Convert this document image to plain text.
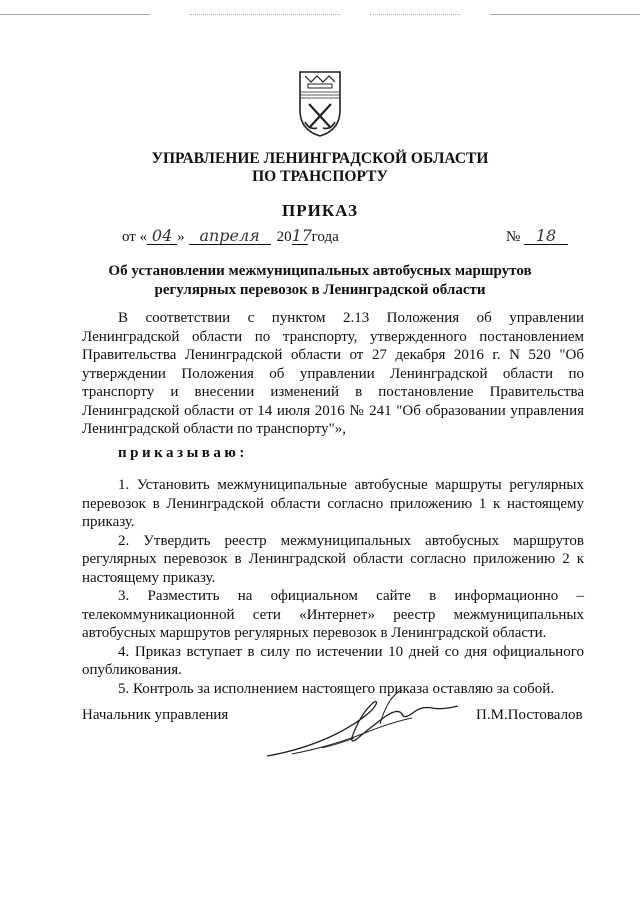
УПРАВЛЕНИЕ ЛЕНИНГРАДСКОЙ ОБЛАСТИ
ПО ТРАНСПОРТУ
ПРИКАЗ
от « 04 » апреля 2017года	№ 18
Об установлении межмуниципальных автобусных маршрутов
регулярных перевозок в Ленинградской области

В соответствии с пунктом 2.13 Положения об управлении Ленинградской области по транспорту, утвержденного постановлением Правительства Ленинградской области от 27 декабря 2016 г. N 520 "Об утверждении Положения об управлении Ленинградской области по транспорту и внесении изменений в постановление Правительства Ленинградской области от 14 июля 2016 № 241 "Об образовании управления Ленинградской области по транспорту"»,

приказываю:

1. Установить межмуниципальные автобусные маршруты регулярных перевозок в Ленинградской области согласно приложению 1 к настоящему приказу.

2. Утвердить реестр межмуниципальных автобусных маршрутов регулярных перевозок в Ленинградской области согласно приложению 2 к настоящему приказу.

3. Разместить на официальном сайте в информационно – телекоммуникационной сети «Интернет» реестр межмуниципальных автобусных маршрутов регулярных перевозок в Ленинградской области.

4. Приказ вступает в силу по истечении 10 дней со дня официального опубликования.

5. Контроль за исполнением настоящего приказа оставляю за собой.

Начальник управления	П.М.Постовалов
